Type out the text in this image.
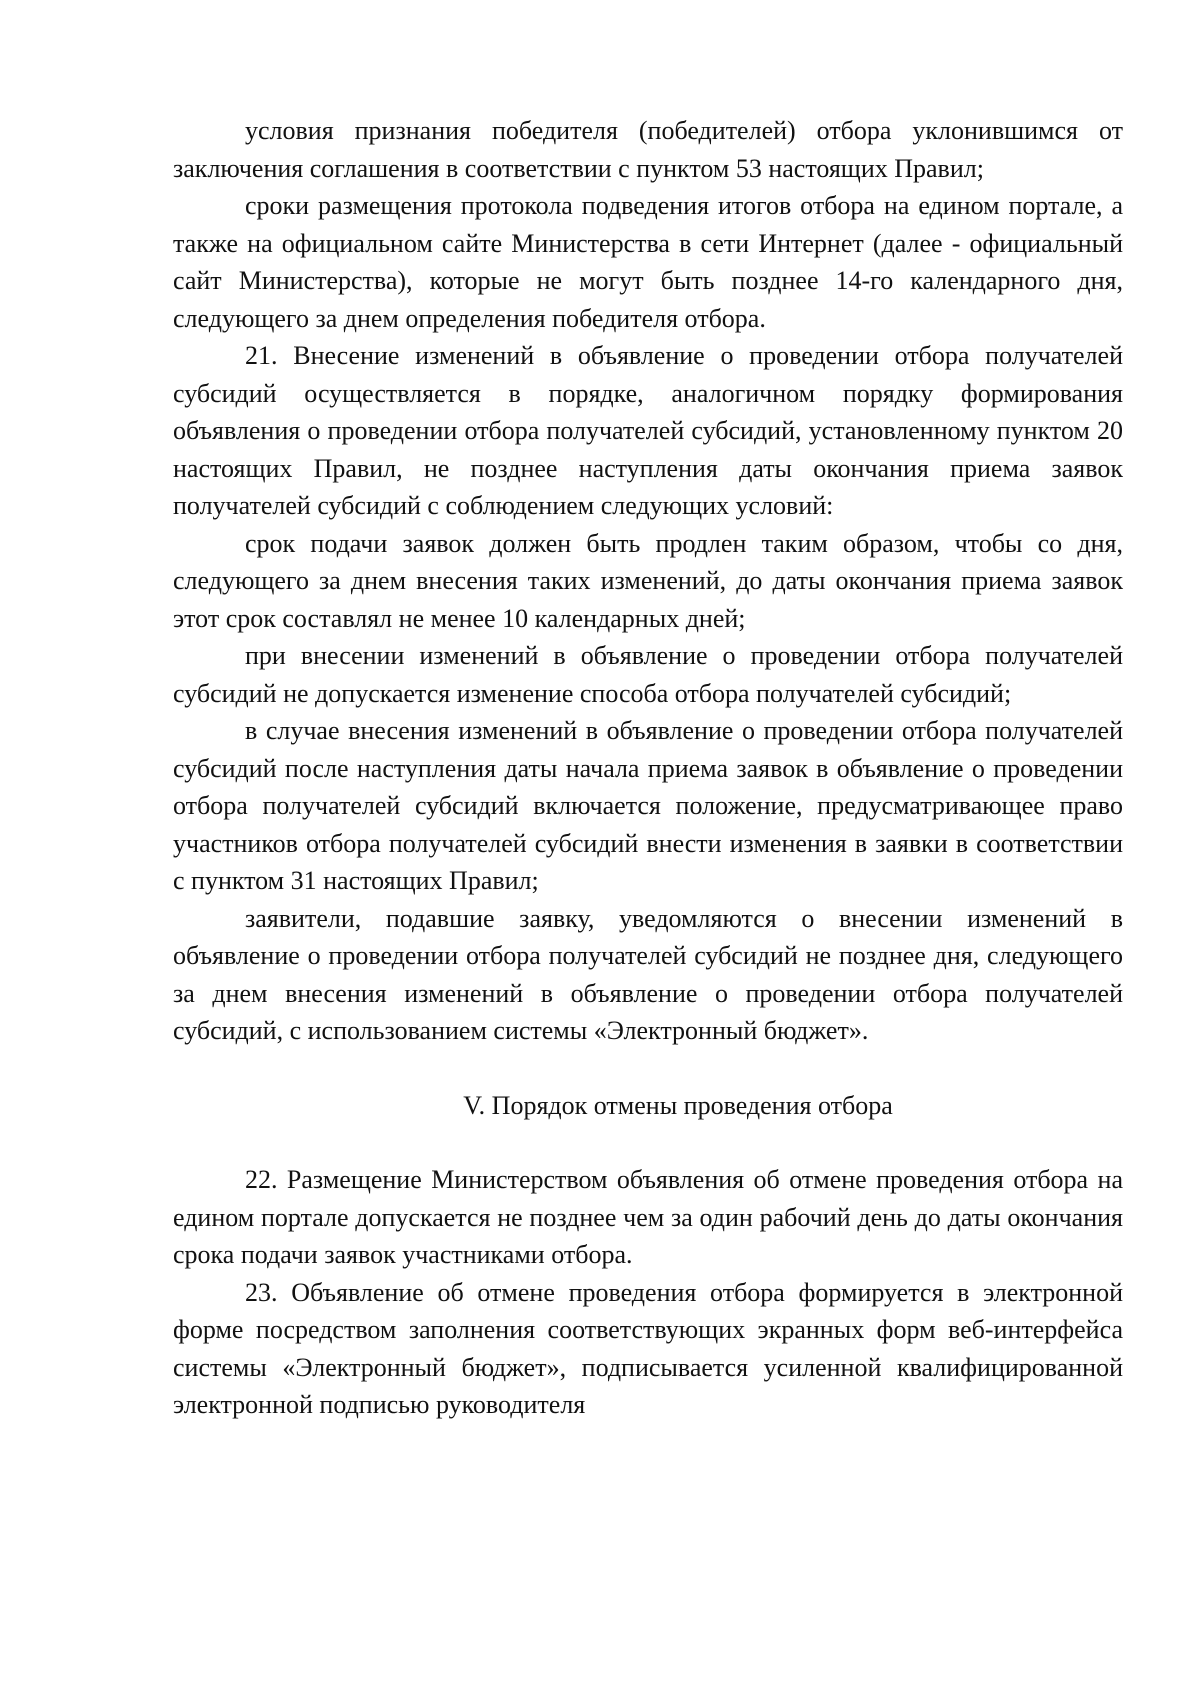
условия признания победителя (победителей) отбора уклонившимся от заключения соглашения в соответствии с пунктом 53 настоящих Правил;

сроки размещения протокола подведения итогов отбора на едином портале, а также на официальном сайте Министерства в сети Интернет (далее - официальный сайт Министерства), которые не могут быть позднее 14-го календарного дня, следующего за днем определения победителя отбора.

21. Внесение изменений в объявление о проведении отбора получателей субсидий осуществляется в порядке, аналогичном порядку формирования объявления о проведении отбора получателей субсидий, установленному пунктом 20 настоящих Правил, не позднее наступления даты окончания приема заявок получателей субсидий с соблюдением следующих условий:

срок подачи заявок должен быть продлен таким образом, чтобы со дня, следующего за днем внесения таких изменений, до даты окончания приема заявок этот срок составлял не менее 10 календарных дней;

при внесении изменений в объявление о проведении отбора получателей субсидий не допускается изменение способа отбора получателей субсидий;

в случае внесения изменений в объявление о проведении отбора получателей субсидий после наступления даты начала приема заявок в объявление о проведении отбора получателей субсидий включается положение, предусматривающее право участников отбора получателей субсидий внести изменения в заявки в соответствии с пунктом 31 настоящих Правил;

заявители, подавшие заявку, уведомляются о внесении изменений в объявление о проведении отбора получателей субсидий не позднее дня, следующего за днем внесения изменений в объявление о проведении отбора получателей субсидий, с использованием системы «Электронный бюджет».

V. Порядок отмены проведения отбора

22. Размещение Министерством объявления об отмене проведения отбора на едином портале допускается не позднее чем за один рабочий день до даты окончания срока подачи заявок участниками отбора.

23. Объявление об отмене проведения отбора формируется в электронной форме посредством заполнения соответствующих экранных форм веб-интерфейса системы «Электронный бюджет», подписывается усиленной квалифицированной электронной подписью руководителя
